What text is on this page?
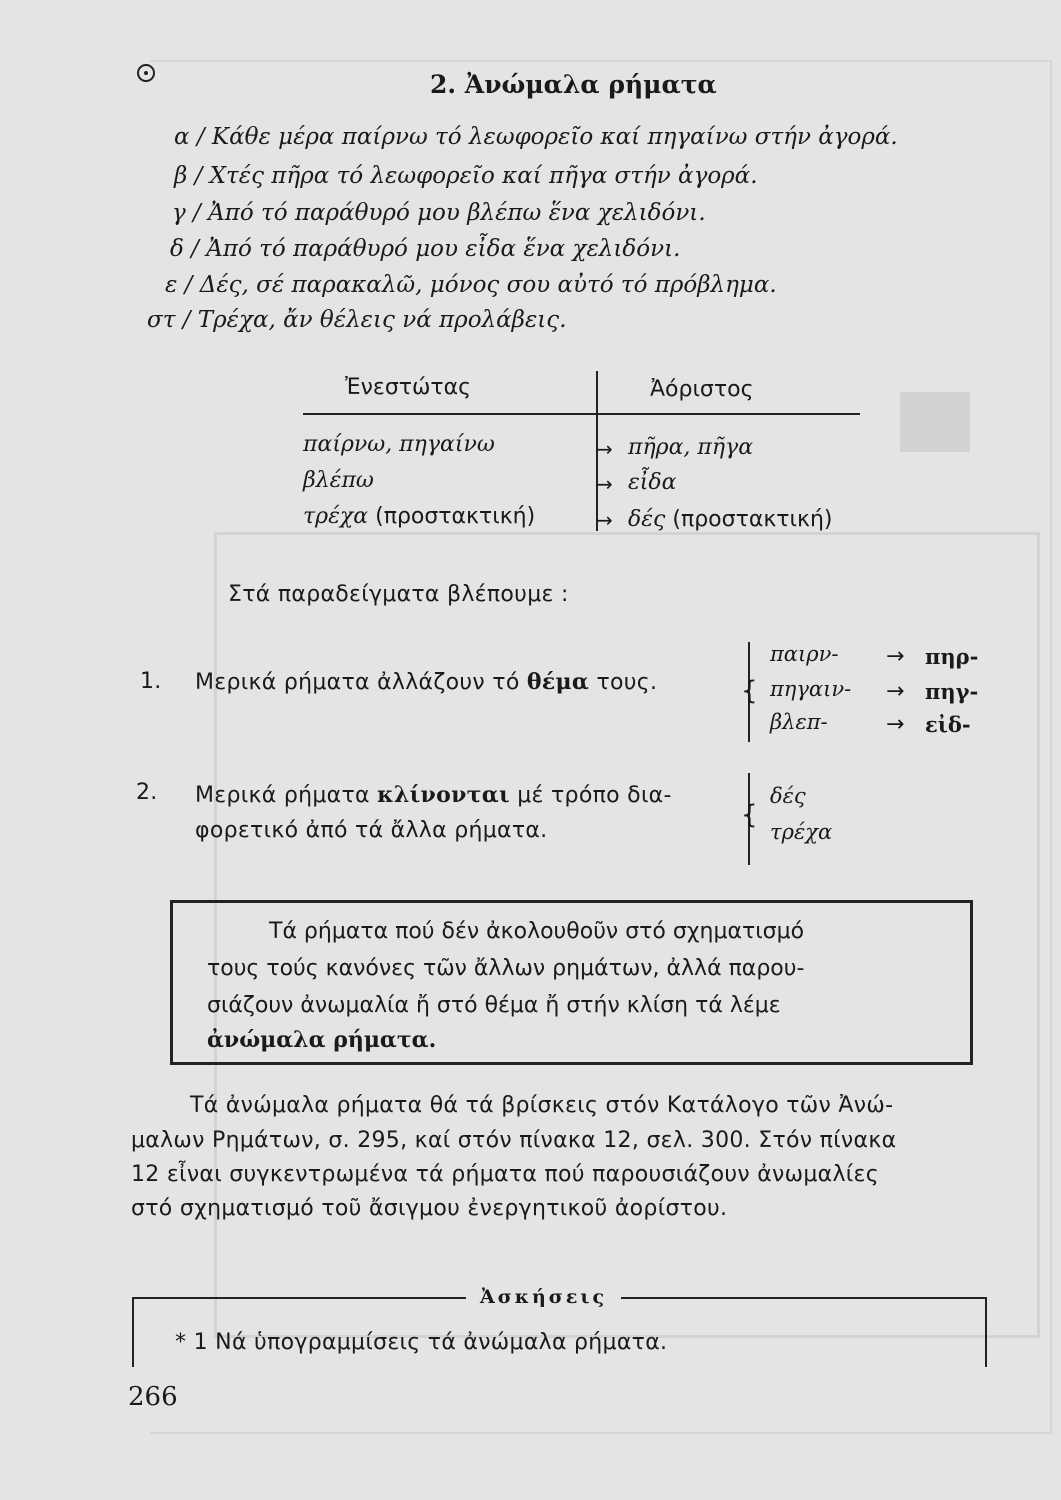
2. Ἀνώμαλα ρήματα
α / Κάθε μέρα παίρνω τό λεωφορεῖο καί πηγαίνω στήν ἀγορά.
β / Χτές πῆρα τό λεωφορεῖο καί πῆγα στήν ἀγορά.
γ / Ἀπό τό παράθυρό μου βλέπω ἕνα χελιδόνι.
δ / Ἀπό τό παράθυρό μου εἶδα ἕνα χελιδόνι.
ε / Δές, σέ παρακαλῶ, μόνος σου αὐτό τό πρόβλημα.
στ / Τρέχα, ἄν θέλεις νά προλάβεις.
Ἐνεστώτας	Ἀόριστος
παίρνω, πηγαίνω	→ πῆρα, πῆγα
βλέπω	→ εἶδα
τρέχα (προστακτική)	→ δές (προστακτική)
Στά παραδείγματα βλέπουμε :
1. Μερικά ρήματα ἀλλάζουν τό θέμα τους.	{
παιρν- → πηρ-
πηγαιν- → πηγ-
βλεπ-	→ εἰδ-
2. Μερικά ρήματα κλίνονται μέ τρόπο δια-
φορετικό ἀπό τά ἄλλα ρήματα.
{
δές
τρέχα
Τά ρήματα πού δέν ἀκολουθοῦν στό σχηματισμό
τους τούς κανόνες τῶν ἄλλων ρημάτων, ἀλλά παρου-
σιάζουν ἀνωμαλία ἤ στό θέμα ἤ στήν κλίση τά λέμε
ἀνώμαλα ρήματα.
Τά ἀνώμαλα ρήματα θά τά βρίσκεις στόν Κατάλογο τῶν Ἀνώ-
μαλων Ρημάτων, σ. 295, καί στόν πίνακα 12, σελ. 300. Στόν πίνακα
12 εἶναι συγκεντρωμένα τά ρήματα πού παρουσιάζουν ἀνωμαλίες
στό σχηματισμό τοῦ ἄσιγμου ἐνεργητικοῦ ἀορίστου.
Ἀσκήσεις
* 1 Νά ὑπογραμμίσεις τά ἀνώμαλα ρήματα.
266
